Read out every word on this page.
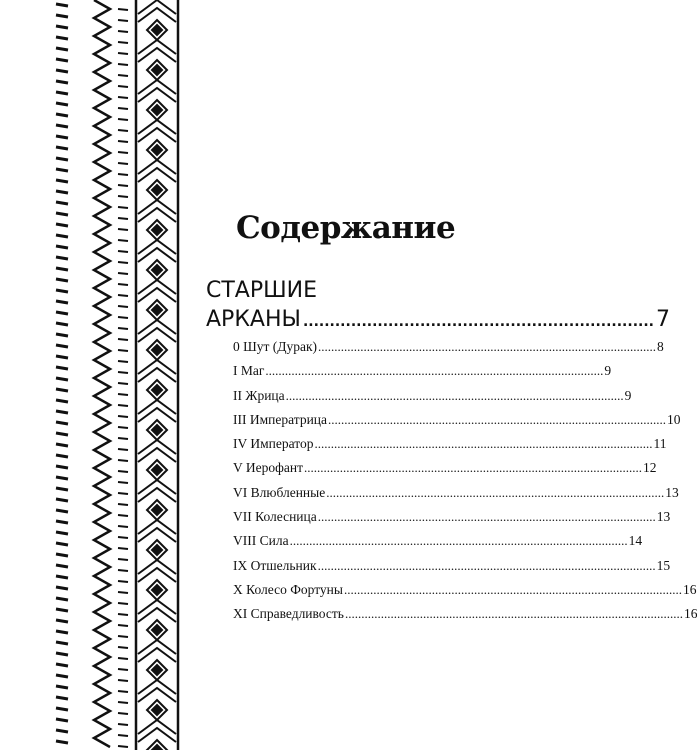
Содержание
СТАРШИЕ
АРКАНЫ .................................................................. 7
0 Шут (Дурак) ........................................................................................................ 8
I Маг ........................................................................................................ 9
II Жрица ........................................................................................................ 9
III Императрица ........................................................................................................ 10
IV Император ........................................................................................................ 11
V Иерофант ........................................................................................................ 12
VI Влюбленные ........................................................................................................ 13
VII Колесница ........................................................................................................ 13
VIII Сила ........................................................................................................ 14
IX Отшельник ........................................................................................................ 15
X Колесо Фортуны ........................................................................................................ 16
XI Справедливость ........................................................................................................ 16
